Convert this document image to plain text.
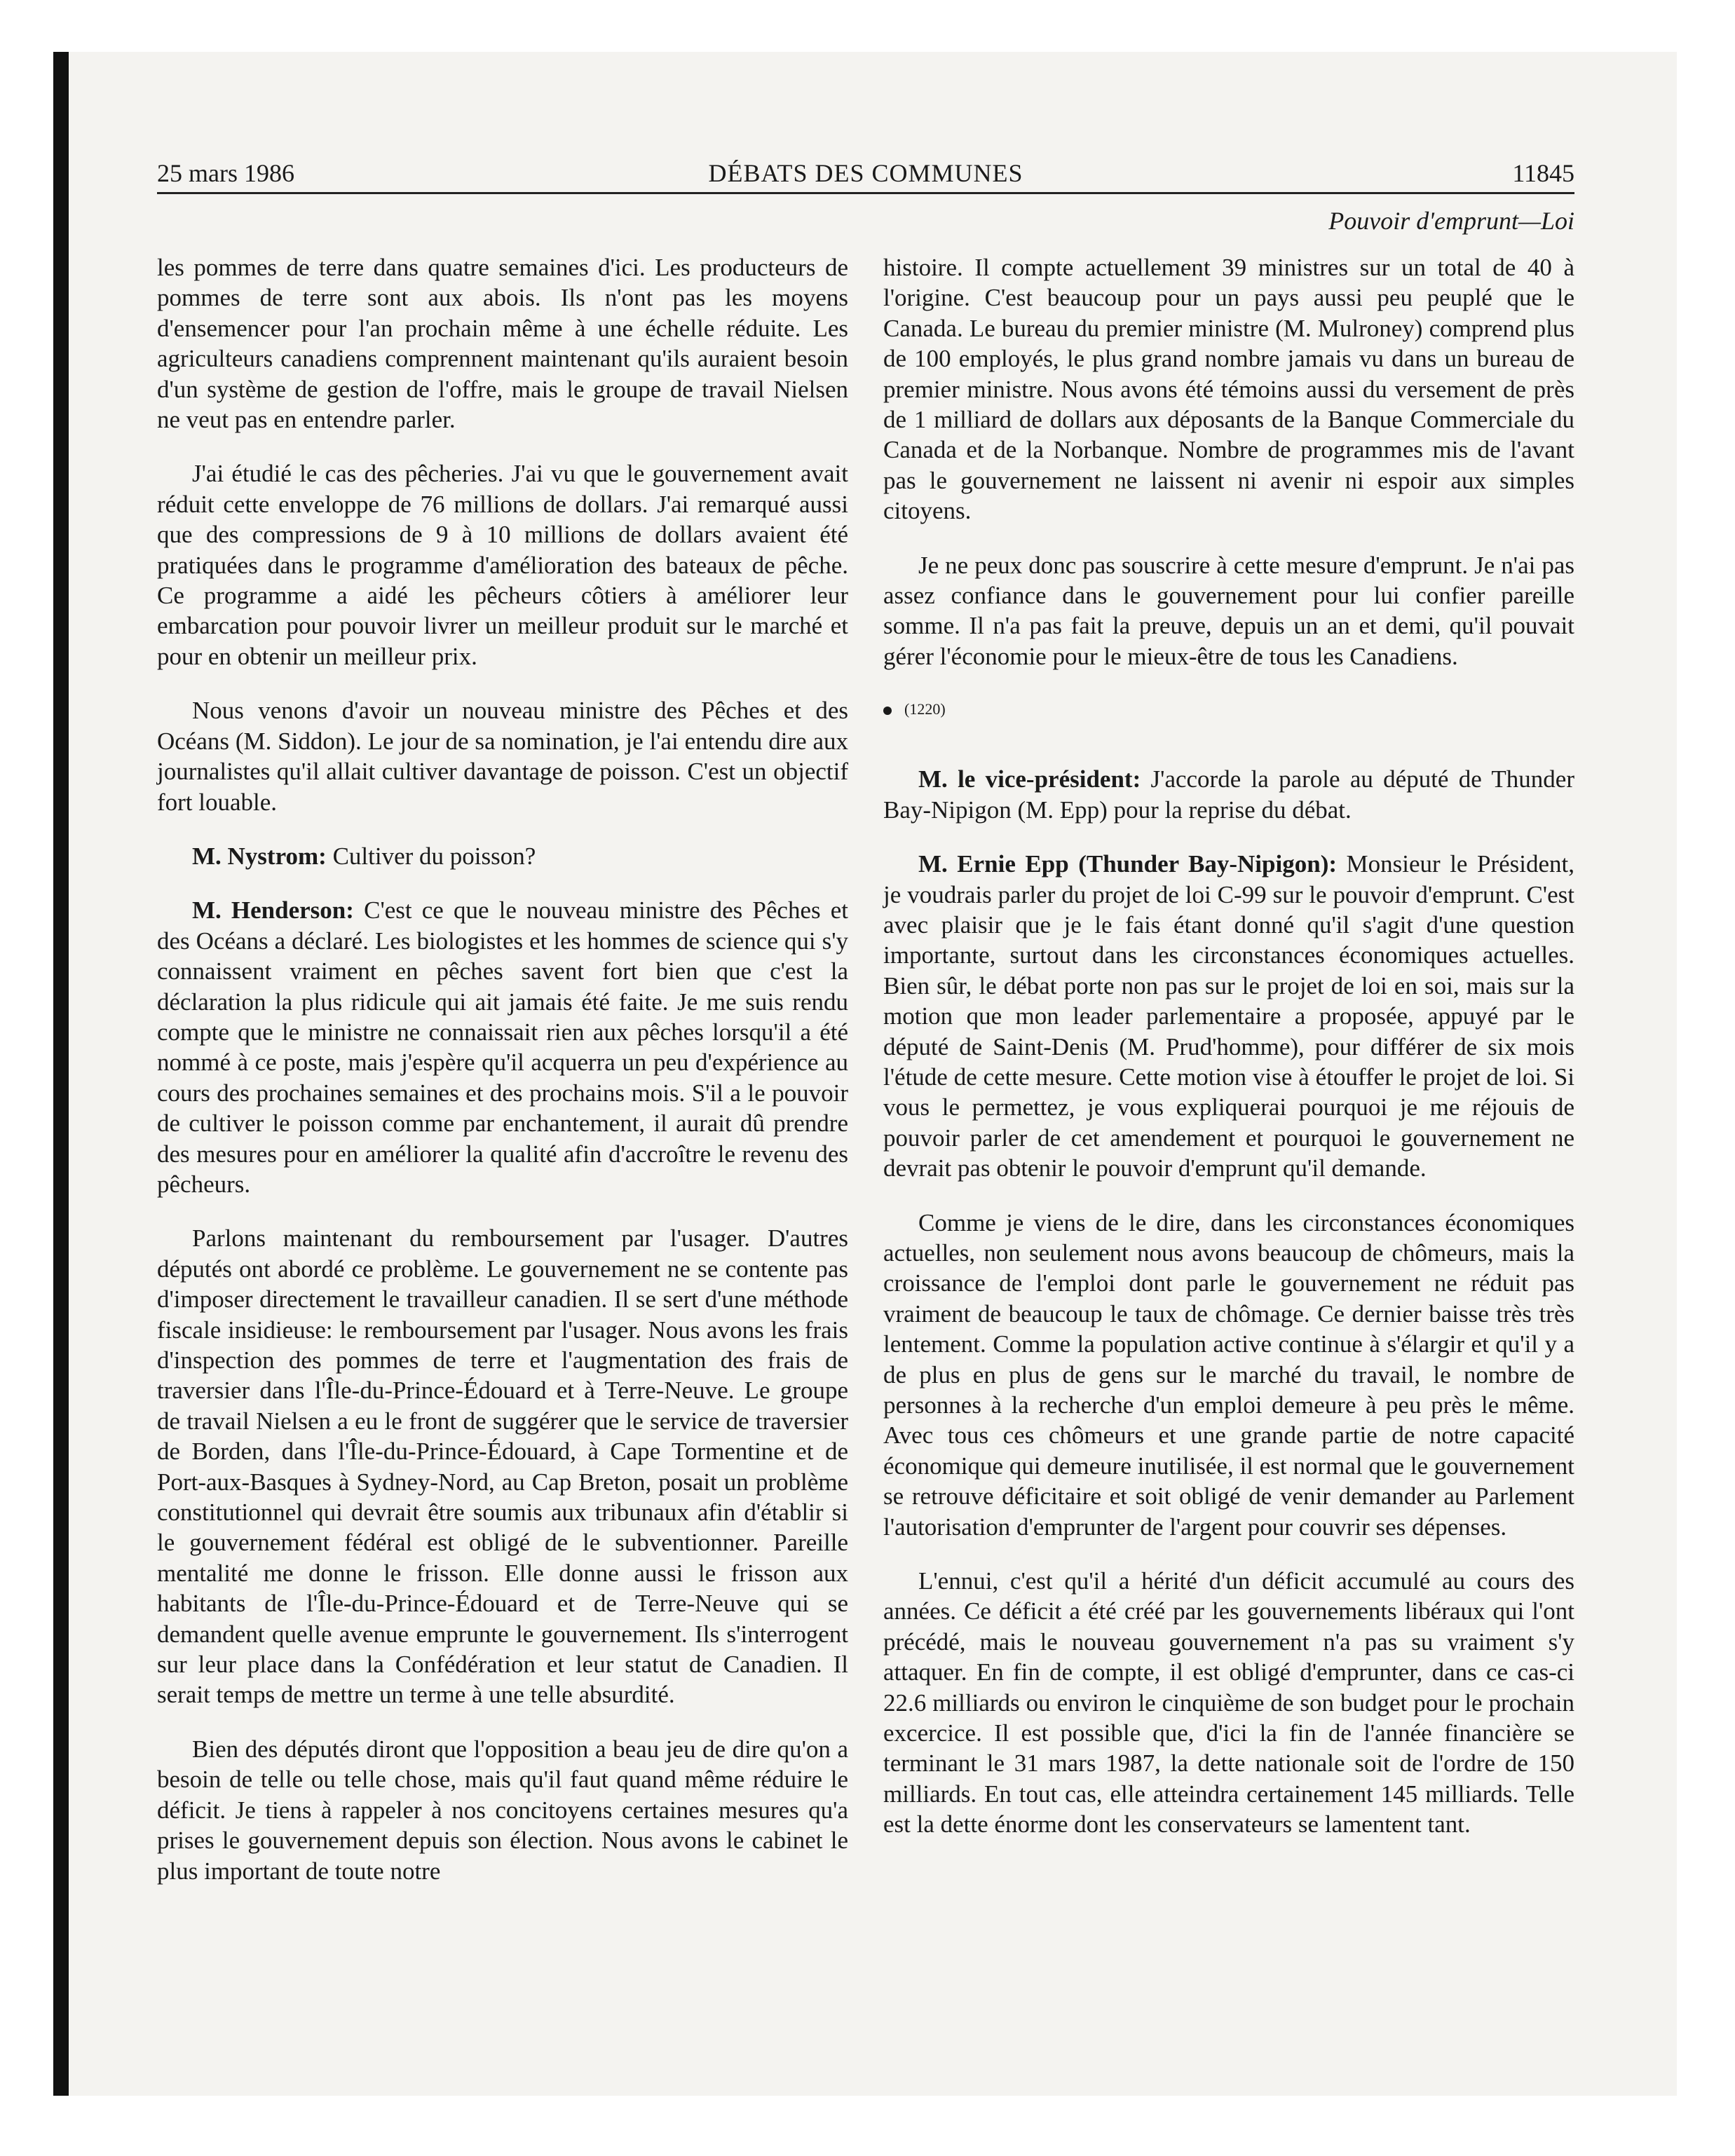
25 mars 1986	DÉBATS DES COMMUNES	11845
Pouvoir d'emprunt—Loi

les pommes de terre dans quatre semaines d'ici. Les producteurs de pommes de terre sont aux abois. Ils n'ont pas les moyens d'ensemencer pour l'an prochain même à une échelle réduite. Les agriculteurs canadiens comprennent maintenant qu'ils auraient besoin d'un système de gestion de l'offre, mais le groupe de travail Nielsen ne veut pas en entendre parler.

J'ai étudié le cas des pêcheries. J'ai vu que le gouvernement avait réduit cette enveloppe de 76 millions de dollars. J'ai remarqué aussi que des compressions de 9 à 10 millions de dollars avaient été pratiquées dans le programme d'amélioration des bateaux de pêche. Ce programme a aidé les pêcheurs côtiers à améliorer leur embarcation pour pouvoir livrer un meilleur produit sur le marché et pour en obtenir un meilleur prix.

Nous venons d'avoir un nouveau ministre des Pêches et des Océans (M. Siddon). Le jour de sa nomination, je l'ai entendu dire aux journalistes qu'il allait cultiver davantage de poisson. C'est un objectif fort louable.

M. Nystrom: Cultiver du poisson?

M. Henderson: C'est ce que le nouveau ministre des Pêches et des Océans a déclaré. Les biologistes et les hommes de science qui s'y connaissent vraiment en pêches savent fort bien que c'est la déclaration la plus ridicule qui ait jamais été faite. Je me suis rendu compte que le ministre ne connaissait rien aux pêches lorsqu'il a été nommé à ce poste, mais j'espère qu'il acquerra un peu d'expérience au cours des prochaines semaines et des prochains mois. S'il a le pouvoir de cultiver le poisson comme par enchantement, il aurait dû prendre des mesures pour en améliorer la qualité afin d'accroître le revenu des pêcheurs.

Parlons maintenant du remboursement par l'usager. D'autres députés ont abordé ce problème. Le gouvernement ne se contente pas d'imposer directement le travailleur canadien. Il se sert d'une méthode fiscale insidieuse: le remboursement par l'usager. Nous avons les frais d'inspection des pommes de terre et l'augmentation des frais de traversier dans l'Île-du-Prince-Édouard et à Terre-Neuve. Le groupe de travail Nielsen a eu le front de suggérer que le service de traversier de Borden, dans l'Île-du-Prince-Édouard, à Cape Tormentine et de Port-aux-Basques à Sydney-Nord, au Cap Breton, posait un problème constitutionnel qui devrait être soumis aux tribunaux afin d'établir si le gouvernement fédéral est obligé de le subventionner. Pareille mentalité me donne le frisson. Elle donne aussi le frisson aux habitants de l'Île-du-Prince-Édouard et de Terre-Neuve qui se demandent quelle avenue emprunte le gouvernement. Ils s'interrogent sur leur place dans la Confédération et leur statut de Canadien. Il serait temps de mettre un terme à une telle absurdité.

Bien des députés diront que l'opposition a beau jeu de dire qu'on a besoin de telle ou telle chose, mais qu'il faut quand même réduire le déficit. Je tiens à rappeler à nos concitoyens certaines mesures qu'a prises le gouvernement depuis son élection. Nous avons le cabinet le plus important de toute notre

histoire. Il compte actuellement 39 ministres sur un total de 40 à l'origine. C'est beaucoup pour un pays aussi peu peuplé que le Canada. Le bureau du premier ministre (M. Mulroney) comprend plus de 100 employés, le plus grand nombre jamais vu dans un bureau de premier ministre. Nous avons été témoins aussi du versement de près de 1 milliard de dollars aux déposants de la Banque Commerciale du Canada et de la Norbanque. Nombre de programmes mis de l'avant pas le gouvernement ne laissent ni avenir ni espoir aux simples citoyens.

Je ne peux donc pas souscrire à cette mesure d'emprunt. Je n'ai pas assez confiance dans le gouvernement pour lui confier pareille somme. Il n'a pas fait la preuve, depuis un an et demi, qu'il pouvait gérer l'économie pour le mieux-être de tous les Canadiens.

(1220)

M. le vice-président: J'accorde la parole au député de Thunder Bay-Nipigon (M. Epp) pour la reprise du débat.

M. Ernie Epp (Thunder Bay-Nipigon): Monsieur le Président, je voudrais parler du projet de loi C-99 sur le pouvoir d'emprunt. C'est avec plaisir que je le fais étant donné qu'il s'agit d'une question importante, surtout dans les circonstances économiques actuelles. Bien sûr, le débat porte non pas sur le projet de loi en soi, mais sur la motion que mon leader parlementaire a proposée, appuyé par le député de Saint-Denis (M. Prud'homme), pour différer de six mois l'étude de cette mesure. Cette motion vise à étouffer le projet de loi. Si vous le permettez, je vous expliquerai pourquoi je me réjouis de pouvoir parler de cet amendement et pourquoi le gouvernement ne devrait pas obtenir le pouvoir d'emprunt qu'il demande.

Comme je viens de le dire, dans les circonstances économiques actuelles, non seulement nous avons beaucoup de chômeurs, mais la croissance de l'emploi dont parle le gouvernement ne réduit pas vraiment de beaucoup le taux de chômage. Ce dernier baisse très très lentement. Comme la population active continue à s'élargir et qu'il y a de plus en plus de gens sur le marché du travail, le nombre de personnes à la recherche d'un emploi demeure à peu près le même. Avec tous ces chômeurs et une grande partie de notre capacité économique qui demeure inutilisée, il est normal que le gouvernement se retrouve déficitaire et soit obligé de venir demander au Parlement l'autorisation d'emprunter de l'argent pour couvrir ses dépenses.

L'ennui, c'est qu'il a hérité d'un déficit accumulé au cours des années. Ce déficit a été créé par les gouvernements libéraux qui l'ont précédé, mais le nouveau gouvernement n'a pas su vraiment s'y attaquer. En fin de compte, il est obligé d'emprunter, dans ce cas-ci 22.6 milliards ou environ le cinquième de son budget pour le prochain excercice. Il est possible que, d'ici la fin de l'année financière se terminant le 31 mars 1987, la dette nationale soit de l'ordre de 150 milliards. En tout cas, elle atteindra certainement 145 milliards. Telle est la dette énorme dont les conservateurs se lamentent tant.
